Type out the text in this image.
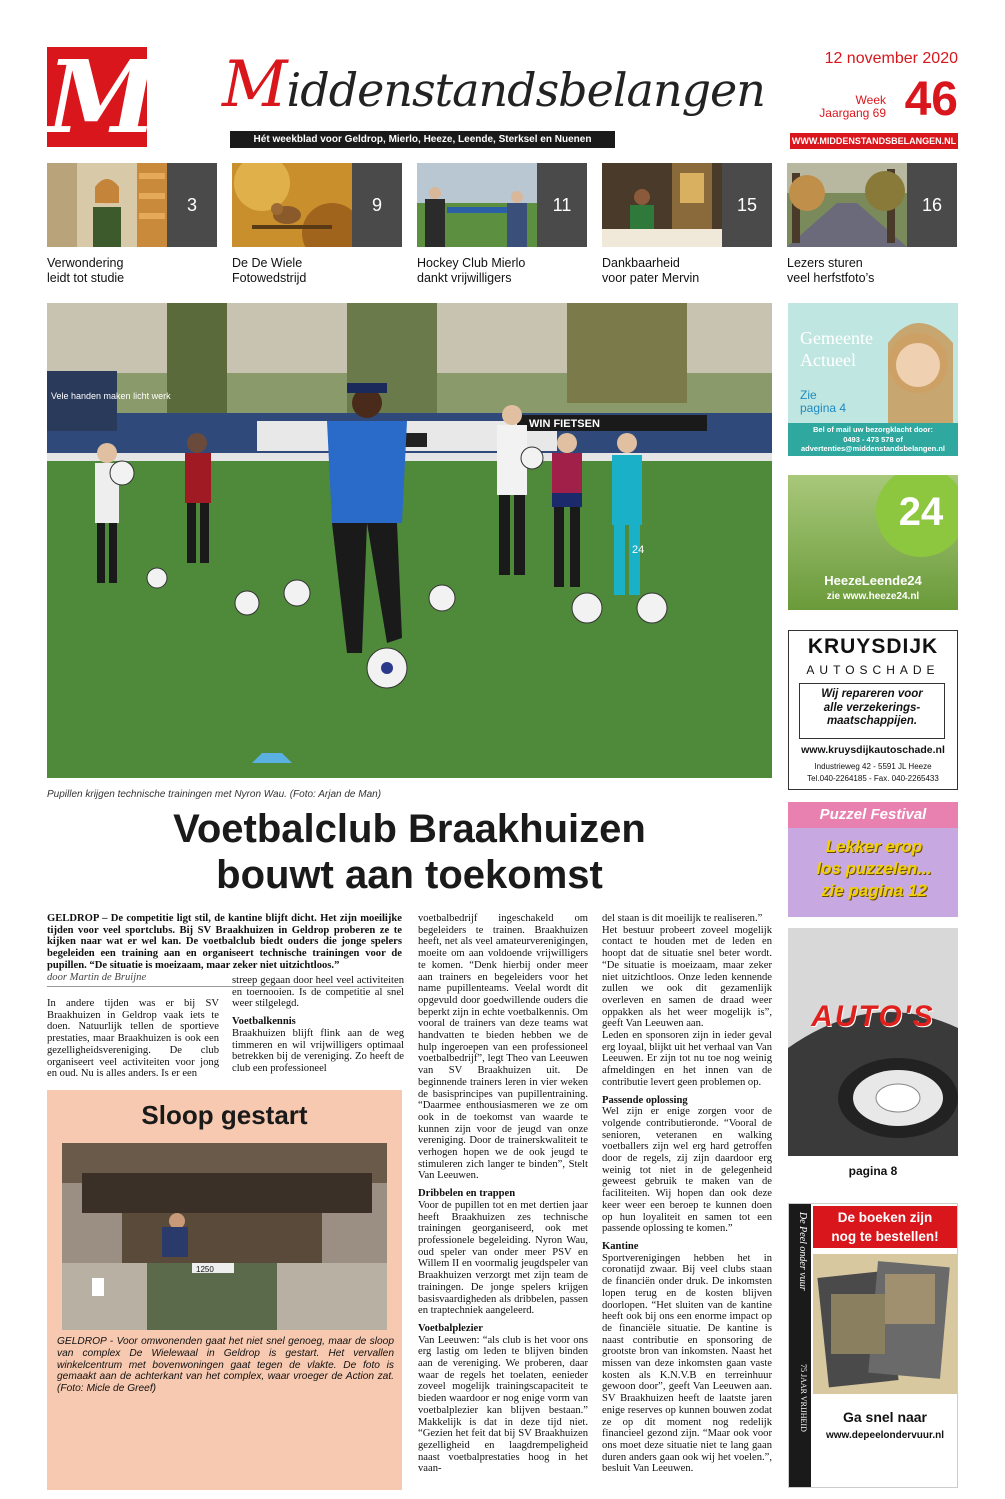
M Middenstandsbelangen
Hét weekblad voor Geldrop, Mierlo, Heeze, Leende, Sterksel en Nuenen
12 november 2020
Week
Jaargang 69 46
WWW.MIDDENSTANDSBELANGEN.NL
3	9	11	15	16
Verwondering
leidt tot studie
De De Wiele
Fotowedstrijd
Hockey Club Mierlo
dankt vrijwilligers
Dankbaarheid
voor pater Mervin
Lezers sturen
veel herfstfoto’s
Vele handen maken licht werk
WIN FIETSEN
24
Pupillen krijgen technische trainingen met Nyron Wau. (Foto: Arjan de Man)
Voetbalclub Braakhuizen
bouwt aan toekomst

GELDROP – De competitie ligt stil, de kantine blijft dicht. Het zijn moeilijke tijden voor veel sportclubs. Bij SV Braakhuizen in Geldrop proberen ze te kijken naar wat er wel kan. De voetbalclub biedt ouders die jonge spelers begeleiden een training aan en organiseert technische trainingen voor de pupillen. “De situatie is moeizaam, maar zeker niet uitzichtloos.”

door Martin de Bruijne

In andere tijden was er bij SV Braakhuizen in Geldrop vaak iets te doen. Natuurlijk tellen de sportieve prestaties, maar Braakhuizen is ook een gezelligheidsvereniging. De club organiseert veel activiteiten voor jong en oud. Nu is alles anders. Is er een

streep gegaan door heel veel activiteiten en toernooien. Is de competitie al snel weer stilgelegd.

Voetbalkennis

Braakhuizen blijft flink aan de weg timmeren en wil vrijwilligers optimaal betrekken bij de vereniging. Zo heeft de club een professioneel

voetbalbedrijf ingeschakeld om begeleiders te trainen. Braakhuizen heeft, net als veel amateurverenigingen, moeite om aan voldoende vrijwilligers te komen. “Denk hierbij onder meer aan trainers en begeleiders voor het name pupillenteams. Veelal wordt dit opgevuld door goedwillende ouders die beperkt zijn in echte voetbalkennis. Om vooral de trainers van deze teams wat handvatten te bieden hebben we de hulp ingeroepen van een professioneel voetbalbedrijf”, legt Theo van Leeuwen van SV Braakhuizen uit. De beginnende trainers leren in vier weken de basisprincipes van pupillentraining. “Daarmee enthousiasmeren we ze om ook in de toekomst van waarde te kunnen zijn voor de jeugd van onze vereniging. Door de trainerskwaliteit te verhogen hopen we de ook jeugd te stimuleren zich langer te binden”, Stelt Van Leeuwen.

Dribbelen en trappen

Voor de pupillen tot en met dertien jaar heeft Braakhuizen zes technische trainingen georganiseerd, ook met professionele begeleiding. Nyron Wau, oud speler van onder meer PSV en Willem II en voormalig jeugdspeler van Braakhuizen verzorgt met zijn team de trainingen. De jonge spelers krijgen basisvaardigheden als dribbelen, passen en traptechniek aangeleerd.

Voetbalplezier

Van Leeuwen: “als club is het voor ons erg lastig om leden te blijven binden aan de vereniging. We proberen, daar waar de regels het toelaten, eenieder zoveel mogelijk trainingscapaciteit te bieden waardoor er nog enige vorm van voetbalplezier kan blijven bestaan.” Makkelijk is dat in deze tijd niet. “Gezien het feit dat bij SV Braakhuizen gezelligheid en laagdrempeligheid naast voetbalprestaties hoog in het vaan-

del staan is dit moeilijk te realiseren.”

Het bestuur probeert zoveel mogelijk contact te houden met de leden en hoopt dat de situatie snel beter wordt. “De situatie is moeizaam, maar zeker niet uitzichtloos. Onze leden kennende zullen we ook dit gezamenlijk overleven en samen de draad weer oppakken als het weer mogelijk is”, geeft Van Leeuwen aan.

Leden en sponsoren zijn in ieder geval erg loyaal, blijkt uit het verhaal van Van Leeuwen. Er zijn tot nu toe nog weinig afmeldingen en het innen van de contributie levert geen problemen op.

Passende oplossing

Wel zijn er enige zorgen voor de volgende contributieronde. “Vooral de senioren, veteranen en walking voetballers zijn wel erg hard getroffen door de regels, zij zijn daardoor erg weinig tot niet in de gelegenheid geweest gebruik te maken van de faciliteiten. Wij hopen dan ook deze keer weer een beroep te kunnen doen op hun loyaliteit en samen tot een passende oplossing te komen.”

Kantine

Sportverenigingen hebben het in coronatijd zwaar. Bij veel clubs staan de financiën onder druk. De inkomsten lopen terug en de kosten blijven doorlopen. “Het sluiten van de kantine heeft ook bij ons een enorme impact op de financiële situatie. De kantine is naast contributie en sponsoring de grootste bron van inkomsten. Naast het missen van deze inkomsten gaan vaste kosten als K.N.V.B en terreinhuur gewoon door”, geeft Van Leeuwen aan. SV Braakhuizen heeft de laatste jaren enige reserves op kunnen bouwen zodat ze op dit moment nog redelijk financieel gezond zijn. “Maar ook voor ons moet deze situatie niet te lang gaan duren anders gaan ook wij het voelen.”, besluit Van Leeuwen.

Sloop gestart
1250
GELDROP - Voor omwonenden gaat het niet snel genoeg, maar de sloop van complex De Wielewaal in Geldrop is gestart. Het vervallen winkelcentrum met bovenwoningen gaat tegen de vlakte. De foto is gemaakt aan de achterkant van het complex, waar vroeger de Action zat. (Foto: Micle de Greef)
Gemeente
Actueel
Zie
pagina 4
Bel of mail uw bezorgklacht door:
0493 - 473 578 of
advertenties@middenstandsbelangen.nl
24
HeezeLeende24
zie www.heeze24.nl
KRUYSDIJK
AUTOSCHADE
Wij repareren voor
alle verzekerings-
maatschappijen.
www.kruysdijkautoschade.nl
Industrieweg 42 - 5591 JL Heeze
Tel.040-2264185 - Fax. 040-2265433
Puzzel Festival
Lekker erop
los puzzelen...
zie pagina 12
AUTO'S
pagina 8
De Peel onder vuur
75 JAAR VRIJHEID
De boeken zijn
nog te bestellen!
Ga snel naar
www.depeelondervuur.nl
